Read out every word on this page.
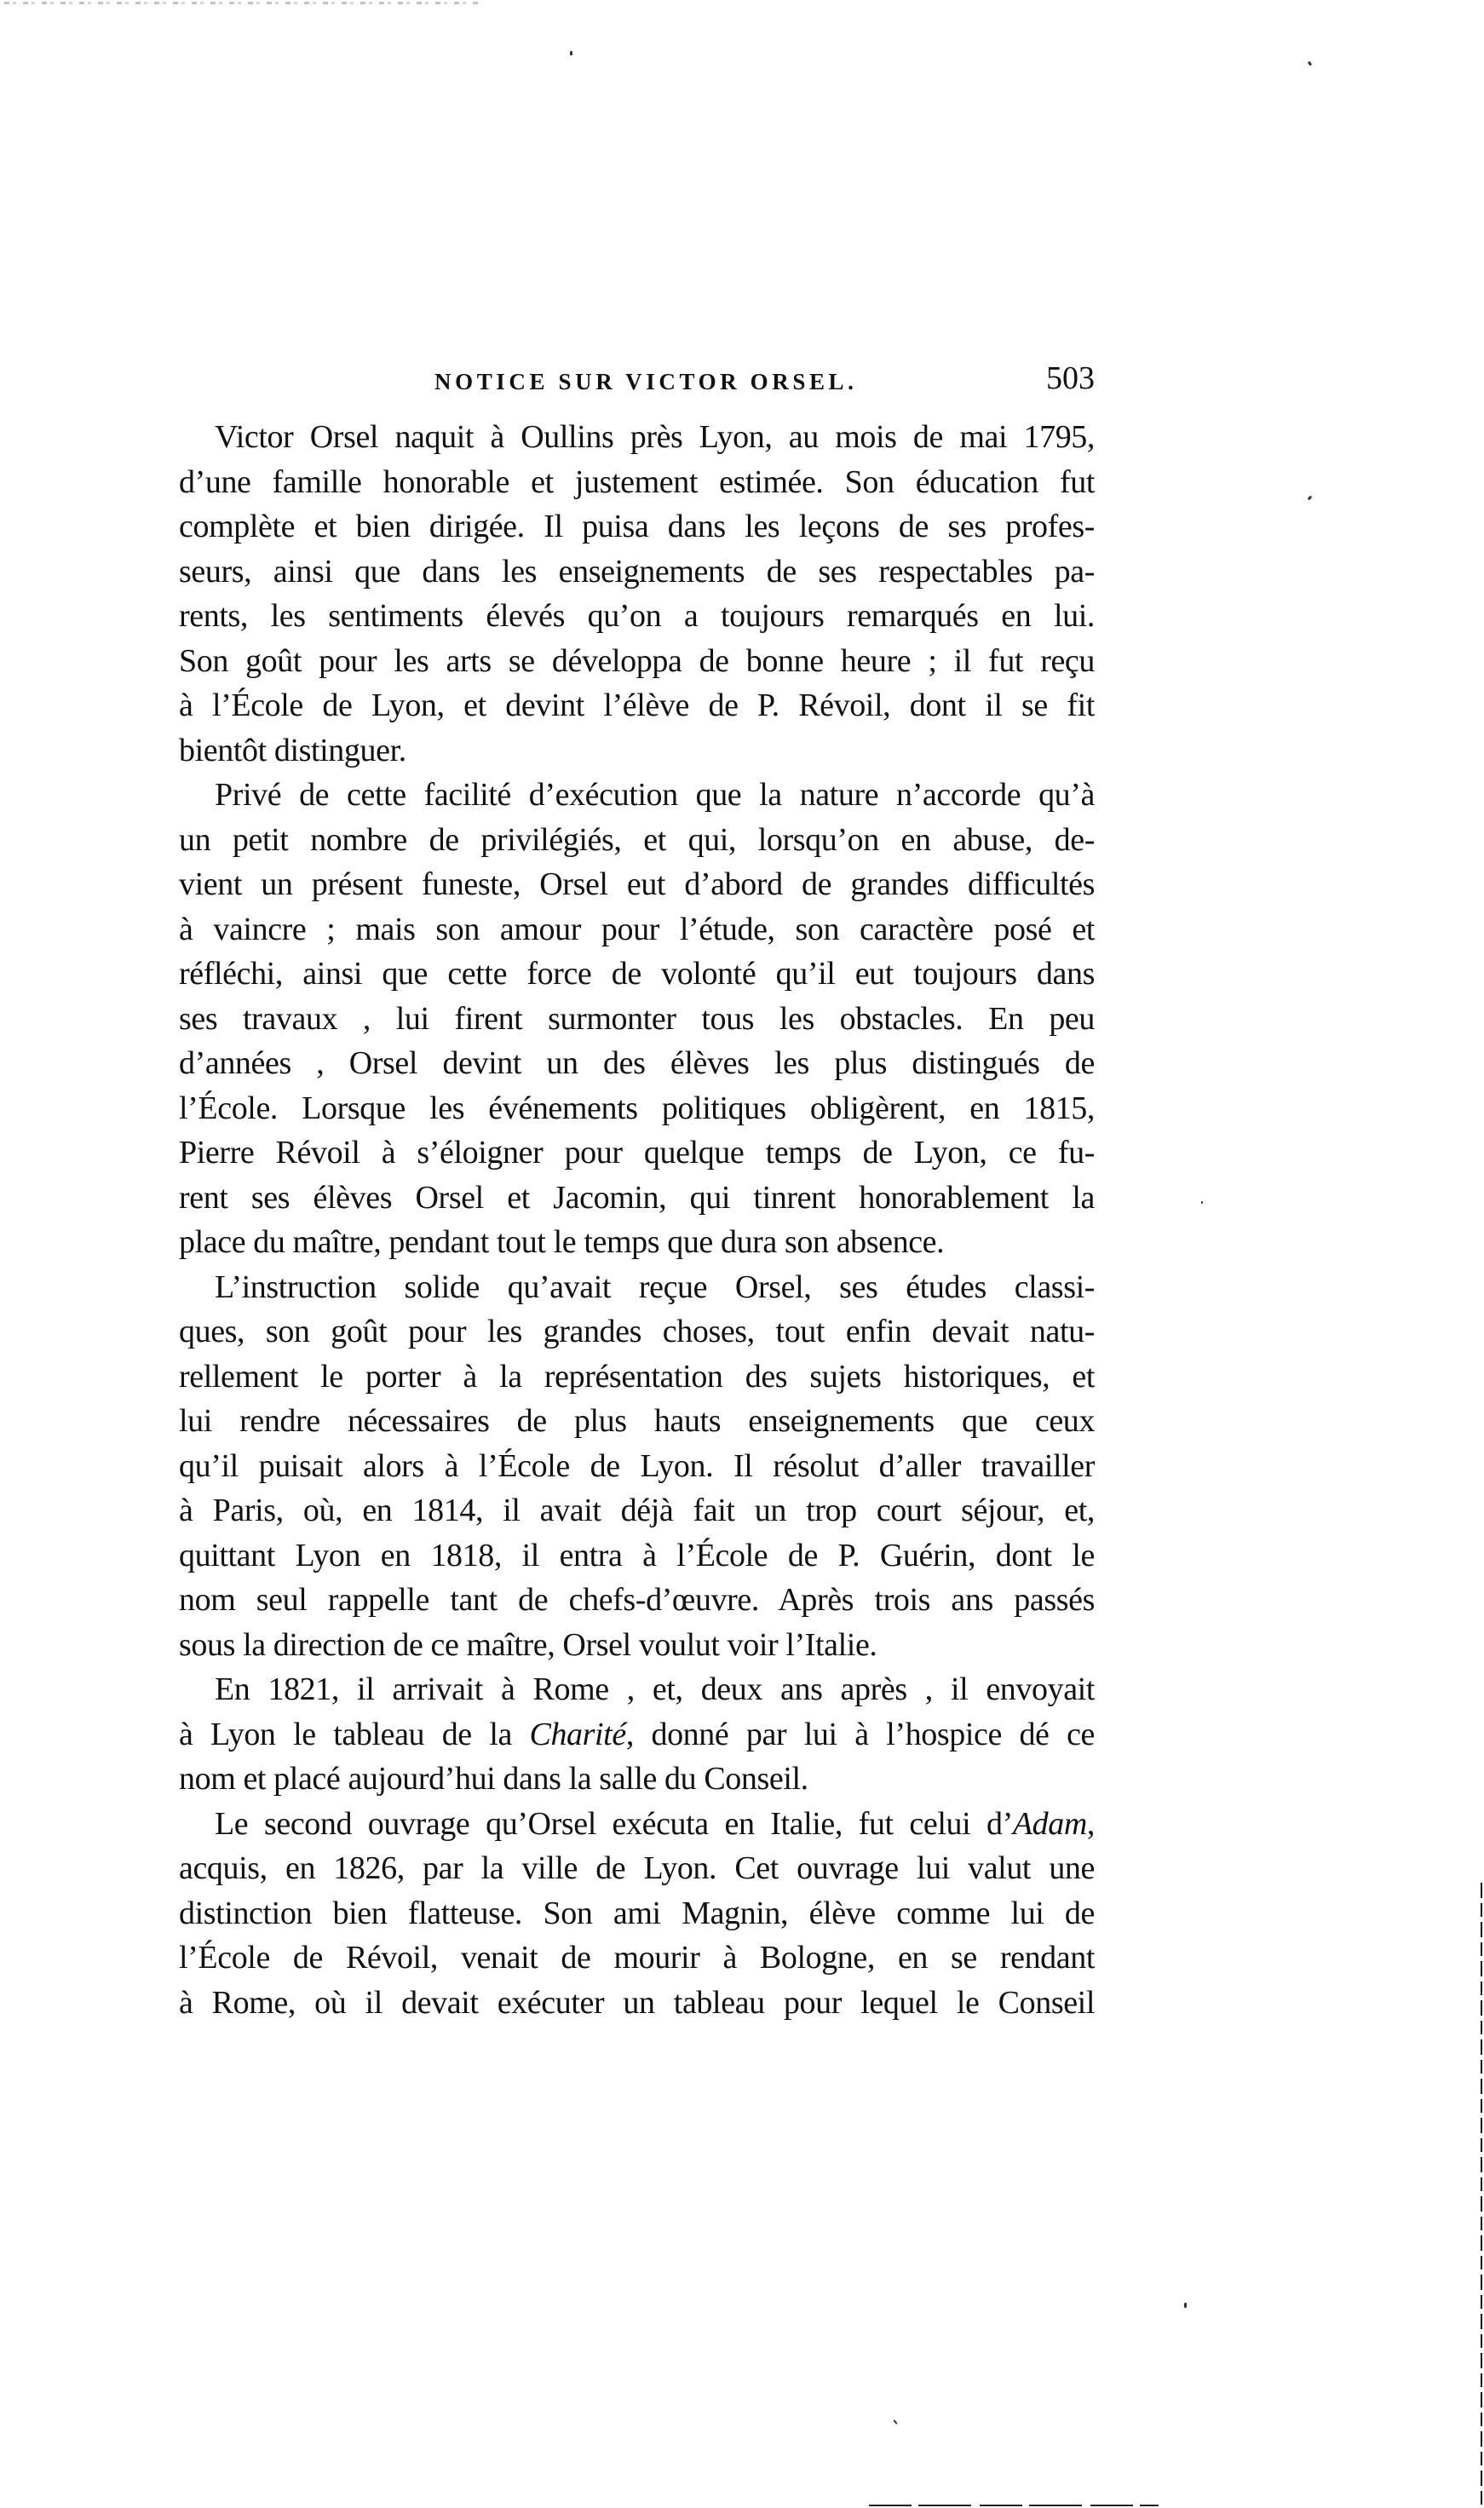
NOTICE SUR VICTOR ORSEL.	503
Victor Orsel naquit à Oullins près Lyon, au mois de mai 1795,
d’une famille honorable et justement estimée. Son éducation fut
complète et bien dirigée. Il puisa dans les leçons de ses profes-
seurs, ainsi que dans les enseignements de ses respectables pa-
rents, les sentiments élevés qu’on a toujours remarqués en lui.
Son goût pour les arts se développa de bonne heure ; il fut reçu
à l’École de Lyon, et devint l’élève de P. Révoil, dont il se fit
bientôt distinguer.
Privé de cette facilité d’exécution que la nature n’accorde qu’à
un petit nombre de privilégiés, et qui, lorsqu’on en abuse, de-
vient un présent funeste, Orsel eut d’abord de grandes difficultés
à vaincre ; mais son amour pour l’étude, son caractère posé et
réfléchi, ainsi que cette force de volonté qu’il eut toujours dans
ses travaux , lui firent surmonter tous les obstacles. En peu
d’années , Orsel devint un des élèves les plus distingués de
l’École. Lorsque les événements politiques obligèrent, en 1815,
Pierre Révoil à s’éloigner pour quelque temps de Lyon, ce fu-
rent ses élèves Orsel et Jacomin, qui tinrent honorablement la
place du maître, pendant tout le temps que dura son absence.
L’instruction solide qu’avait reçue Orsel, ses études classi-
ques, son goût pour les grandes choses, tout enfin devait natu-
rellement le porter à la représentation des sujets historiques, et
lui rendre nécessaires de plus hauts enseignements que ceux
qu’il puisait alors à l’École de Lyon. Il résolut d’aller travailler
à Paris, où, en 1814, il avait déjà fait un trop court séjour, et,
quittant Lyon en 1818, il entra à l’École de P. Guérin, dont le
nom seul rappelle tant de chefs-d’œuvre. Après trois ans passés
sous la direction de ce maître, Orsel voulut voir l’Italie.
En 1821, il arrivait à Rome , et, deux ans après , il envoyait
à Lyon le tableau de la Charité, donné par lui à l’hospice dé ce
nom et placé aujourd’hui dans la salle du Conseil.
Le second ouvrage qu’Orsel exécuta en Italie, fut celui d’Adam,
acquis, en 1826, par la ville de Lyon. Cet ouvrage lui valut une
distinction bien flatteuse. Son ami Magnin, élève comme lui de
l’École de Révoil, venait de mourir à Bologne, en se rendant
à Rome, où il devait exécuter un tableau pour lequel le Conseil
